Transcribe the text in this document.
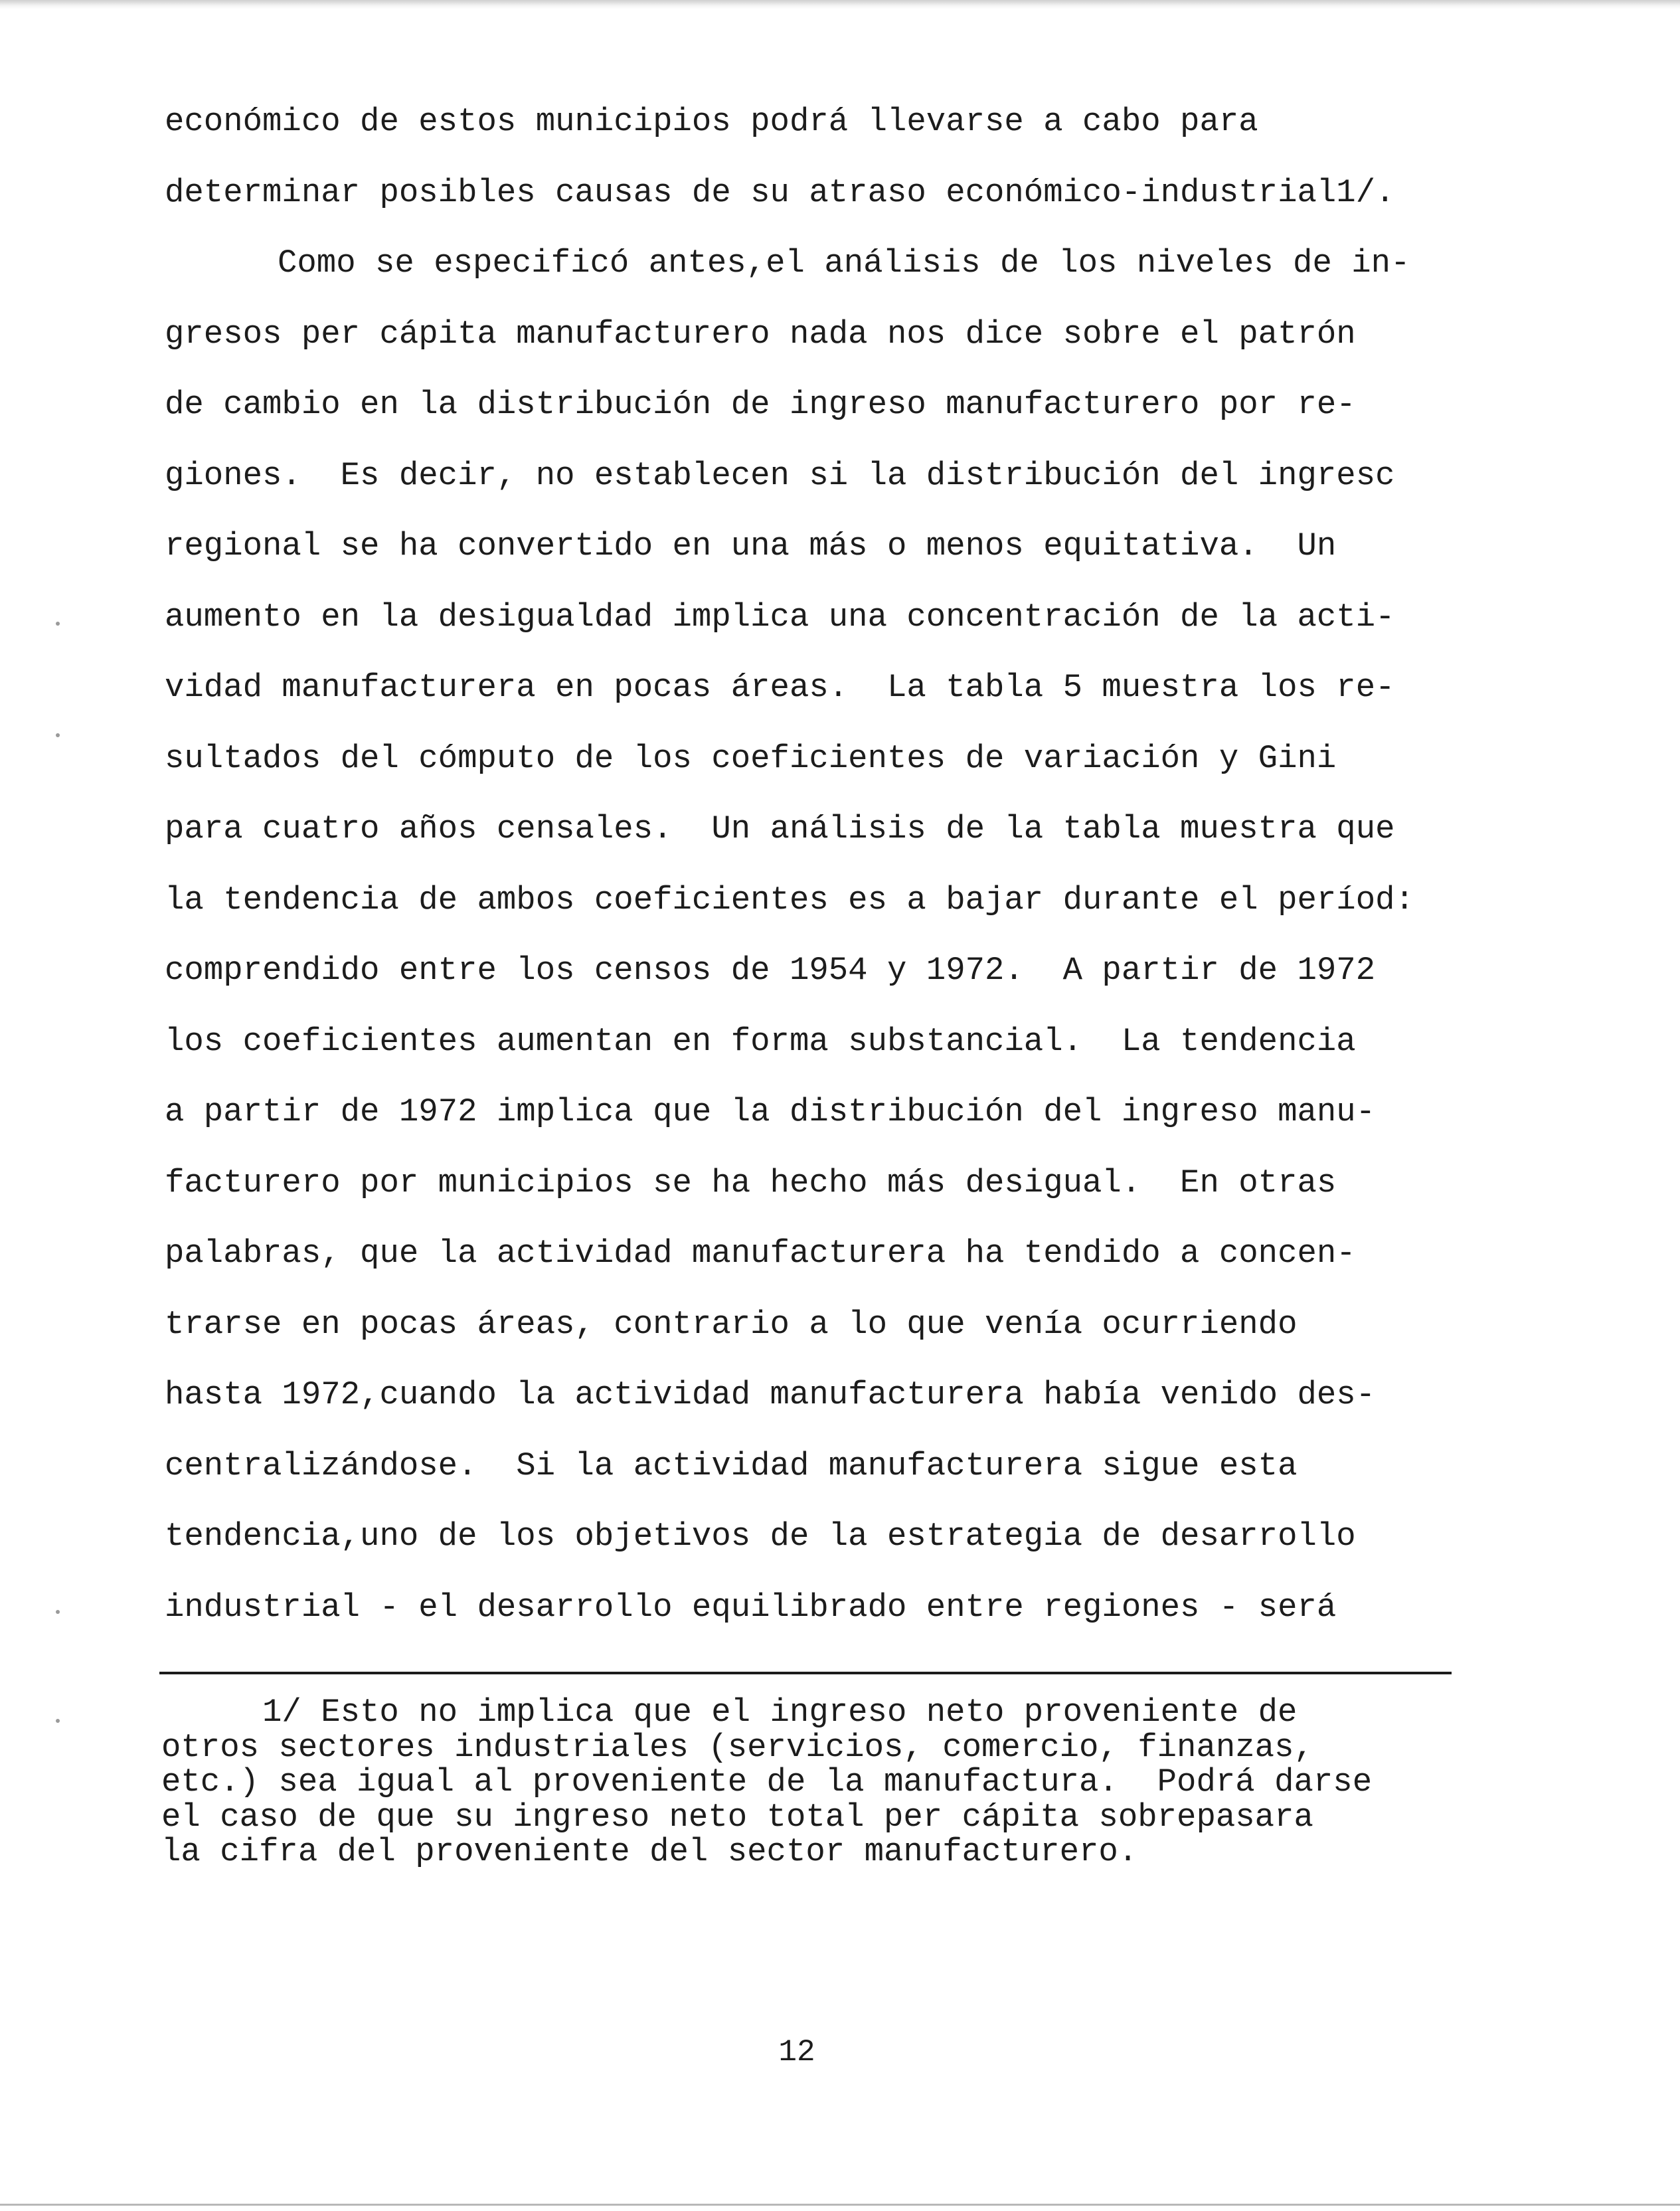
económico de estos municipios podrá llevarse a cabo para
determinar posibles causas de su atraso económico-industrial1/.
Como se especificó antes,el análisis de los niveles de in-
gresos per cápita manufacturero nada nos dice sobre el patrón
de cambio en la distribución de ingreso manufacturero por re-
giones.  Es decir, no establecen si la distribución del ingresc
regional se ha convertido en una más o menos equitativa.  Un
aumento en la desigualdad implica una concentración de la acti-
vidad manufacturera en pocas áreas.  La tabla 5 muestra los re-
sultados del cómputo de los coeficientes de variación y Gini
para cuatro años censales.  Un análisis de la tabla muestra que
la tendencia de ambos coeficientes es a bajar durante el períod:
comprendido entre los censos de 1954 y 1972.  A partir de 1972
los coeficientes aumentan en forma substancial.  La tendencia
a partir de 1972 implica que la distribución del ingreso manu-
facturero por municipios se ha hecho más desigual.  En otras
palabras, que la actividad manufacturera ha tendido a concen-
trarse en pocas áreas, contrario a lo que venía ocurriendo
hasta 1972,cuando la actividad manufacturera había venido des-
centralizándose.  Si la actividad manufacturera sigue esta
tendencia,uno de los objetivos de la estrategia de desarrollo
industrial - el desarrollo equilibrado entre regiones - será
1/ Esto no implica que el ingreso neto proveniente de
otros sectores industriales (servicios, comercio, finanzas,
etc.) sea igual al proveniente de la manufactura.  Podrá darse
el caso de que su ingreso neto total per cápita sobrepasara
la cifra del proveniente del sector manufacturero.
12
